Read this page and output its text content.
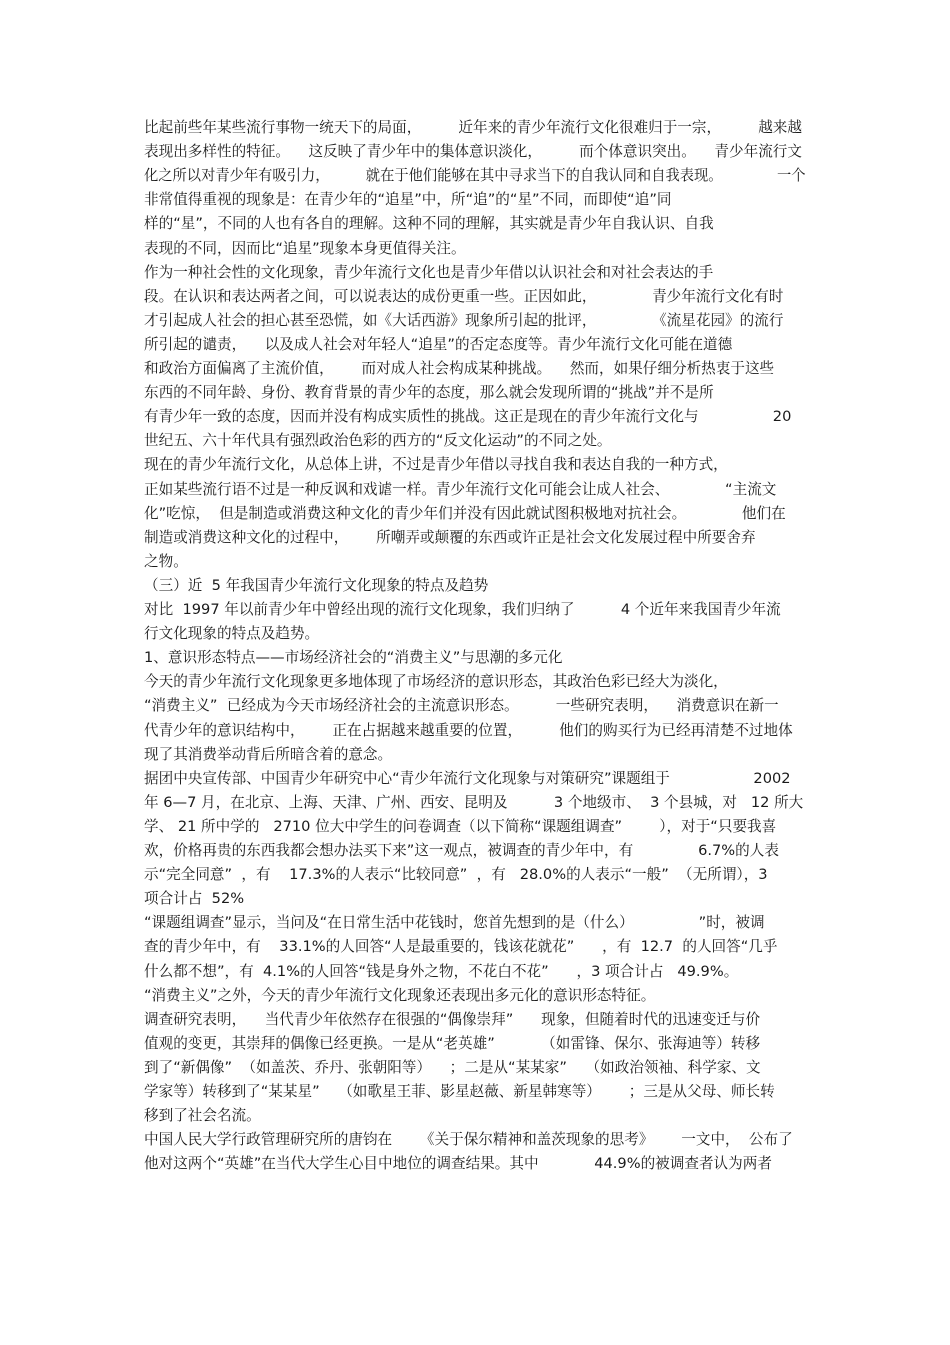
比起前些年某些流行事物一统天下的局面，        近年来的青少年流行文化很难归于一宗，        越来越
表现出多样性的特征。    这反映了青少年中的集体意识淡化，        而个体意识突出。    青少年流行文
化之所以对青少年有吸引力，        就在于他们能够在其中寻求当下的自我认同和自我表现。            一个
非常值得重视的现象是：在青少年的“追星”中，所“追”的“星”不同，而即使“追”同
样的“星”，不同的人也有各自的理解。这种不同的理解，其实就是青少年自我认识、自我
表现的不同，因而比“追星”现象本身更值得关注。
作为一种社会性的文化现象，青少年流行文化也是青少年借以认识社会和对社会表达的手
段。在认识和表达两者之间，可以说表达的成份更重一些。正因如此，            青少年流行文化有时
才引起成人社会的担心甚至恐慌，如《大话西游》现象所引起的批评，            《流星花园》的流行
所引起的谴责，    以及成人社会对年轻人“追星”的否定态度等。青少年流行文化可能在道德
和政治方面偏离了主流价值，      而对成人社会构成某种挑战。    然而，如果仔细分析热衷于这些
东西的不同年龄、身份、教育背景的青少年的态度，那么就会发现所谓的“挑战”并不是所
有青少年一致的态度，因而并没有构成实质性的挑战。这正是现在的青少年流行文化与                20
世纪五、六十年代具有强烈政治色彩的西方的“反文化运动”的不同之处。
现在的青少年流行文化，从总体上讲，不过是青少年借以寻找自我和表达自我的一种方式，
正如某些流行语不过是一种反讽和戏谑一样。青少年流行文化可能会让成人社会、            “主流文
化”吃惊，  但是制造或消费这种文化的青少年们并没有因此就试图积极地对抗社会。            他们在
制造或消费这种文化的过程中，      所嘲弄或颠覆的东西或许正是社会文化发展过程中所要舍弃
之物。
（三）近  5 年我国青少年流行文化现象的特点及趋势
对比  1997 年以前青少年中曾经出现的流行文化现象，我们归纳了          4 个近年来我国青少年流
行文化现象的特点及趋势。
1、意识形态特点——市场经济社会的“消费主义”与思潮的多元化
今天的青少年流行文化现象更多地体现了市场经济的意识形态，其政治色彩已经大为淡化，
“消费主义”  已经成为今天市场经济社会的主流意识形态。        一些研究表明，    消费意识在新一
代青少年的意识结构中，      正在占据越来越重要的位置，        他们的购买行为已经再清楚不过地体
现了其消费举动背后所暗含着的意念。
据团中央宣传部、中国青少年研究中心“青少年流行文化现象与对策研究”课题组于                  2002
年 6—7 月，在北京、上海、天津、广州、西安、昆明及          3 个地级市、  3 个县城，对   12 所大
学、 21 所中学的   2710 位大中学生的问卷调查（以下简称“课题组调查”        ），对于“只要我喜
欢，价格再贵的东西我都会想办法买下来”这一观点，被调查的青少年中，有              6.7%的人表
示“完全同意”  ，有    17.3%的人表示“比较同意”  ，有   28.0%的人表示“一般”  （无所谓），3
项合计占  52%
“课题组调查”显示，当问及“在日常生活中花钱时，您首先想到的是（什么）              ”时，被调
查的青少年中，有    33.1%的人回答“人是最重要的，钱该花就花”      ，有  12.7  的人回答“几乎
什么都不想”，有  4.1%的人回答“钱是身外之物，不花白不花”      ，3 项合计占   49.9%。
“消费主义”之外，今天的青少年流行文化现象还表现出多元化的意识形态特征。
调查研究表明，    当代青少年依然存在很强的“偶像崇拜”      现象，但随着时代的迅速变迁与价
值观的变更，其崇拜的偶像已经更换。一是从“老英雄”          （如雷锋、保尔、张海迪等）转移
到了“新偶像”  （如盖茨、乔丹、张朝阳等）    ；二是从“某某家”    （如政治领袖、科学家、文
学家等）转移到了“某某星”    （如歌星王菲、影星赵薇、新星韩寒等）      ；三是从父母、师长转
移到了社会名流。
中国人民大学行政管理研究所的唐钧在      《关于保尔精神和盖茨现象的思考》      一文中，  公布了
他对这两个“英雄”在当代大学生心目中地位的调查结果。其中            44.9%的被调查者认为两者
